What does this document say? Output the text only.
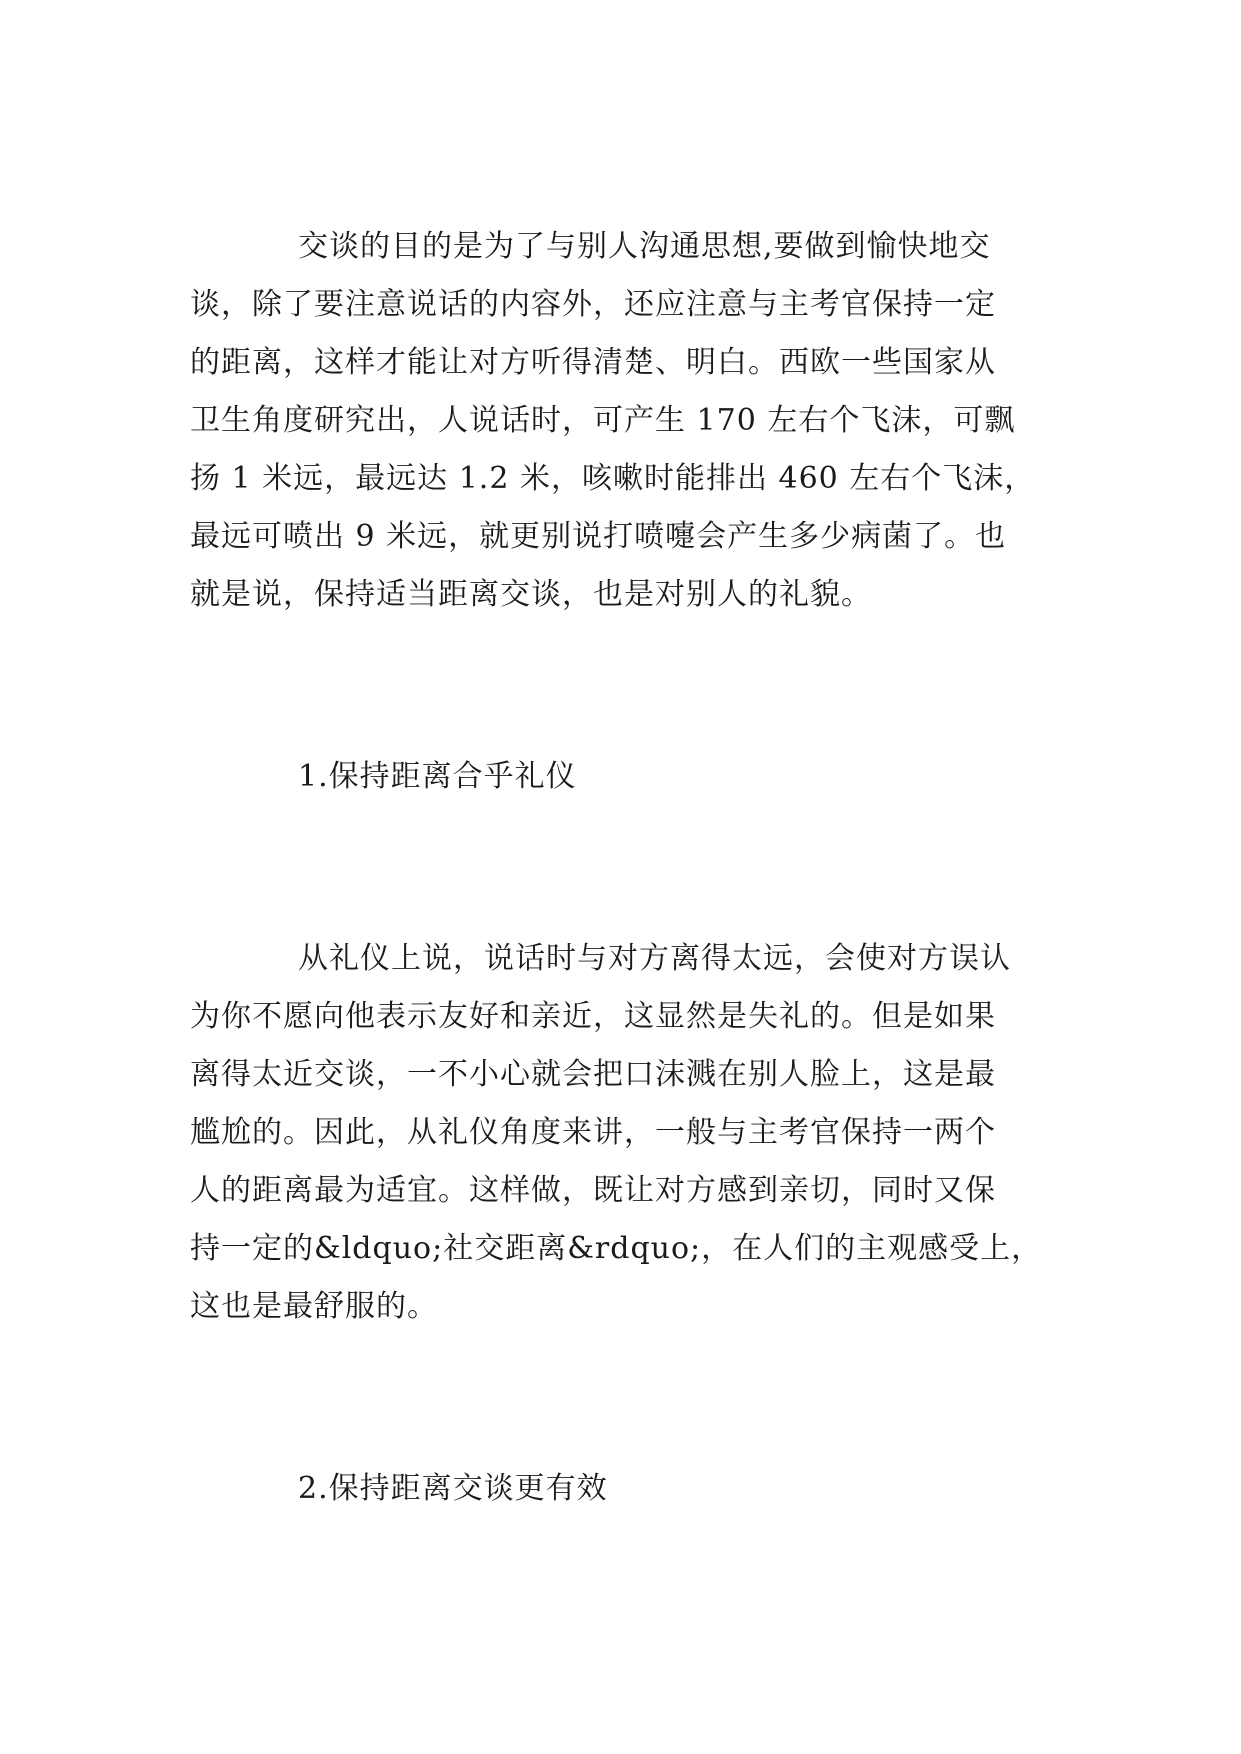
交谈的目的是为了与别人沟通思想,要做到愉快地交
谈，除了要注意说话的内容外，还应注意与主考官保持一定
的距离，这样才能让对方听得清楚、明白。西欧一些国家从
卫生角度研究出，人说话时，可产生 170 左右个飞沫，可飘
扬 1 米远，最远达 1.2 米，咳嗽时能排出 460 左右个飞沫，
最远可喷出 9 米远，就更别说打喷嚏会产生多少病菌了。也
就是说，保持适当距离交谈，也是对别人的礼貌。

1.保持距离合乎礼仪

从礼仪上说，说话时与对方离得太远，会使对方误认
为你不愿向他表示友好和亲近，这显然是失礼的。但是如果
离得太近交谈，一不小心就会把口沫溅在别人脸上，这是最
尴尬的。因此，从礼仪角度来讲，一般与主考官保持一两个
人的距离最为适宜。这样做，既让对方感到亲切，同时又保
持一定的&ldquo;社交距离&rdquo;，在人们的主观感受上，
这也是最舒服的。

2.保持距离交谈更有效
